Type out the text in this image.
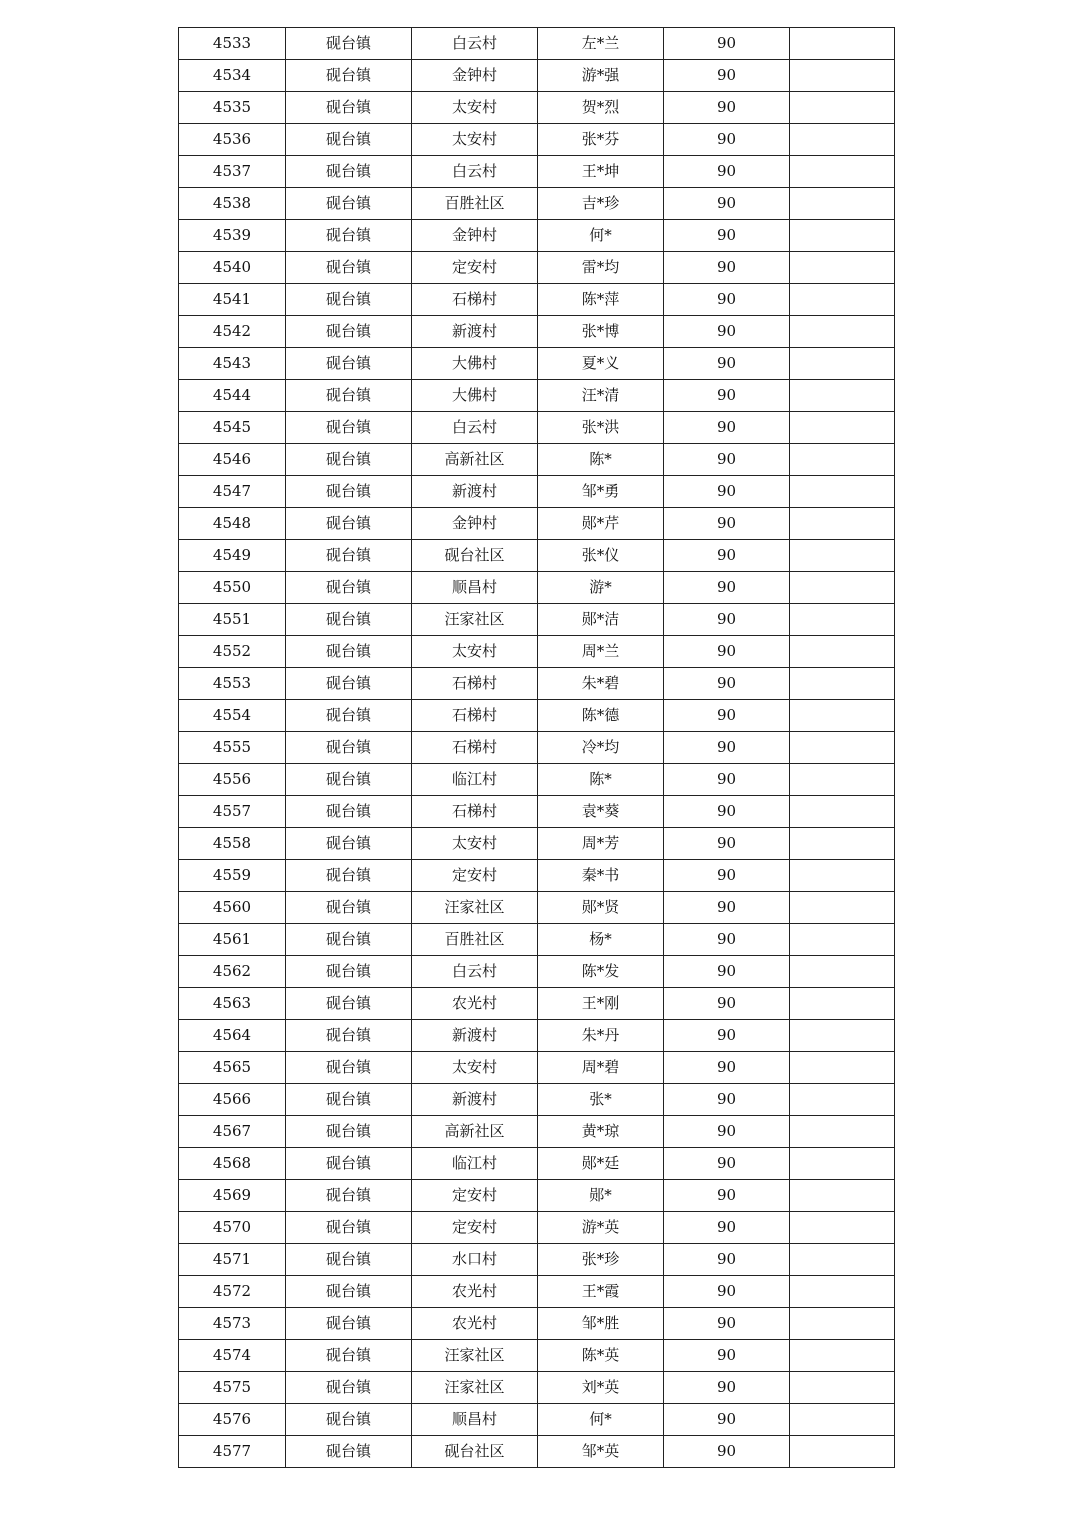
4533	砚台镇	白云村	左*兰	90	
4534	砚台镇	金钟村	游*强	90	
4535	砚台镇	太安村	贺*烈	90	
4536	砚台镇	太安村	张*芬	90	
4537	砚台镇	白云村	王*坤	90	
4538	砚台镇	百胜社区	吉*珍	90	
4539	砚台镇	金钟村	何*	90	
4540	砚台镇	定安村	雷*均	90	
4541	砚台镇	石梯村	陈*萍	90	
4542	砚台镇	新渡村	张*博	90	
4543	砚台镇	大佛村	夏*义	90	
4544	砚台镇	大佛村	汪*清	90	
4545	砚台镇	白云村	张*洪	90	
4546	砚台镇	高新社区	陈*	90	
4547	砚台镇	新渡村	邹*勇	90	
4548	砚台镇	金钟村	郧*芹	90	
4549	砚台镇	砚台社区	张*仪	90	
4550	砚台镇	顺昌村	游*	90	
4551	砚台镇	汪家社区	郧*洁	90	
4552	砚台镇	太安村	周*兰	90	
4553	砚台镇	石梯村	朱*碧	90	
4554	砚台镇	石梯村	陈*德	90	
4555	砚台镇	石梯村	冷*均	90	
4556	砚台镇	临江村	陈*	90	
4557	砚台镇	石梯村	袁*葵	90	
4558	砚台镇	太安村	周*芳	90	
4559	砚台镇	定安村	秦*书	90	
4560	砚台镇	汪家社区	郧*贤	90	
4561	砚台镇	百胜社区	杨*	90	
4562	砚台镇	白云村	陈*发	90	
4563	砚台镇	农光村	王*刚	90	
4564	砚台镇	新渡村	朱*丹	90	
4565	砚台镇	太安村	周*碧	90	
4566	砚台镇	新渡村	张*	90	
4567	砚台镇	高新社区	黄*琼	90	
4568	砚台镇	临江村	郧*廷	90	
4569	砚台镇	定安村	郧*	90	
4570	砚台镇	定安村	游*英	90	
4571	砚台镇	水口村	张*珍	90	
4572	砚台镇	农光村	王*霞	90	
4573	砚台镇	农光村	邹*胜	90	
4574	砚台镇	汪家社区	陈*英	90	
4575	砚台镇	汪家社区	刘*英	90	
4576	砚台镇	顺昌村	何*	90	
4577	砚台镇	砚台社区	邹*英	90	
